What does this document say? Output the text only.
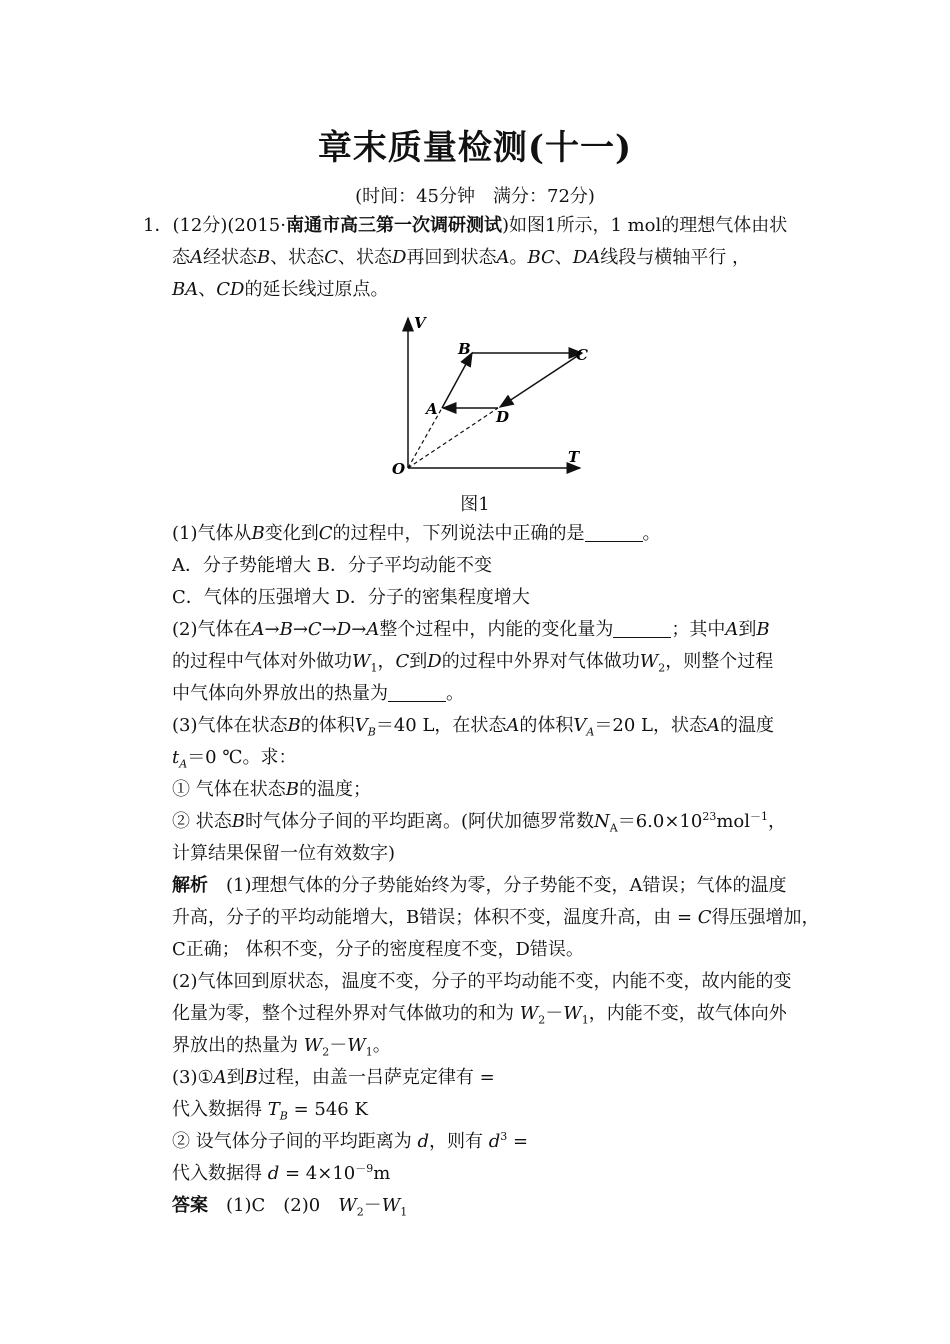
章末质量检测(十一)
(时间：45分钟　满分：72分)
1．(12分)(2015·南通市高三第一次调研测试)如图1所示，1 mol的理想气体由状
态A经状态B、状态C、状态D再回到状态A。BC、DA线段与横轴平行 ，
BA、CD的延长线过原点。
V
T
O
A
B	C
D
图1
(1)气体从B变化到C的过程中，下列说法中正确的是	。
A．分子势能增大 B．分子平均动能不变
C．气体的压强增大 D．分子的密集程度增大
(2)气体在A→B→C→D→A整个过程中，内能的变化量为	；其中A到B
的过程中气体对外做功$W_1$，C到D的过程中外界对气体做功$W_2$，则整个过程
中气体向外界放出的热量为	。
(3)气体在状态B的体积$V_B=40$ L，在状态A的体积$V_A=20$ L，状态A的温度
$t_A=0$ ℃。求：
① 气体在状态B的温度；
② 状态B时气体分子间的平均距离。(阿伏加德罗常数$N_A=6.0\times 10^{23}mol^{-1}$，
计算结果保留一位有效数字)
解析　 (1)理想气体的分子势能始终为零，分子势能不变，A错误；气体的温度
升高，分子的平均动能增大，B错误；体积不变，温度升高，由 = C得压强增加，
C正确； 体积不变，分子的密度程度不变，D错误。
(2)气体回到原状态，温度不变，分子的平均动能不变，内能不变，故内能的变
化量为零，整个过程外界对气体做功的和为 $W_2-W_1$，内能不变，故气体向外
界放出的热量为 $W_2-W_1$。
(3)①A到B过程，由盖一吕萨克定律有 =
代入数据得 $T_B = 546$ K
② 设气体分子间的平均距离为 d，则有 $d^3$ =
代入数据得 $d = 4\times 10^{-9}m$
答案　(1)C　(2)0　$W_2-W_1$
